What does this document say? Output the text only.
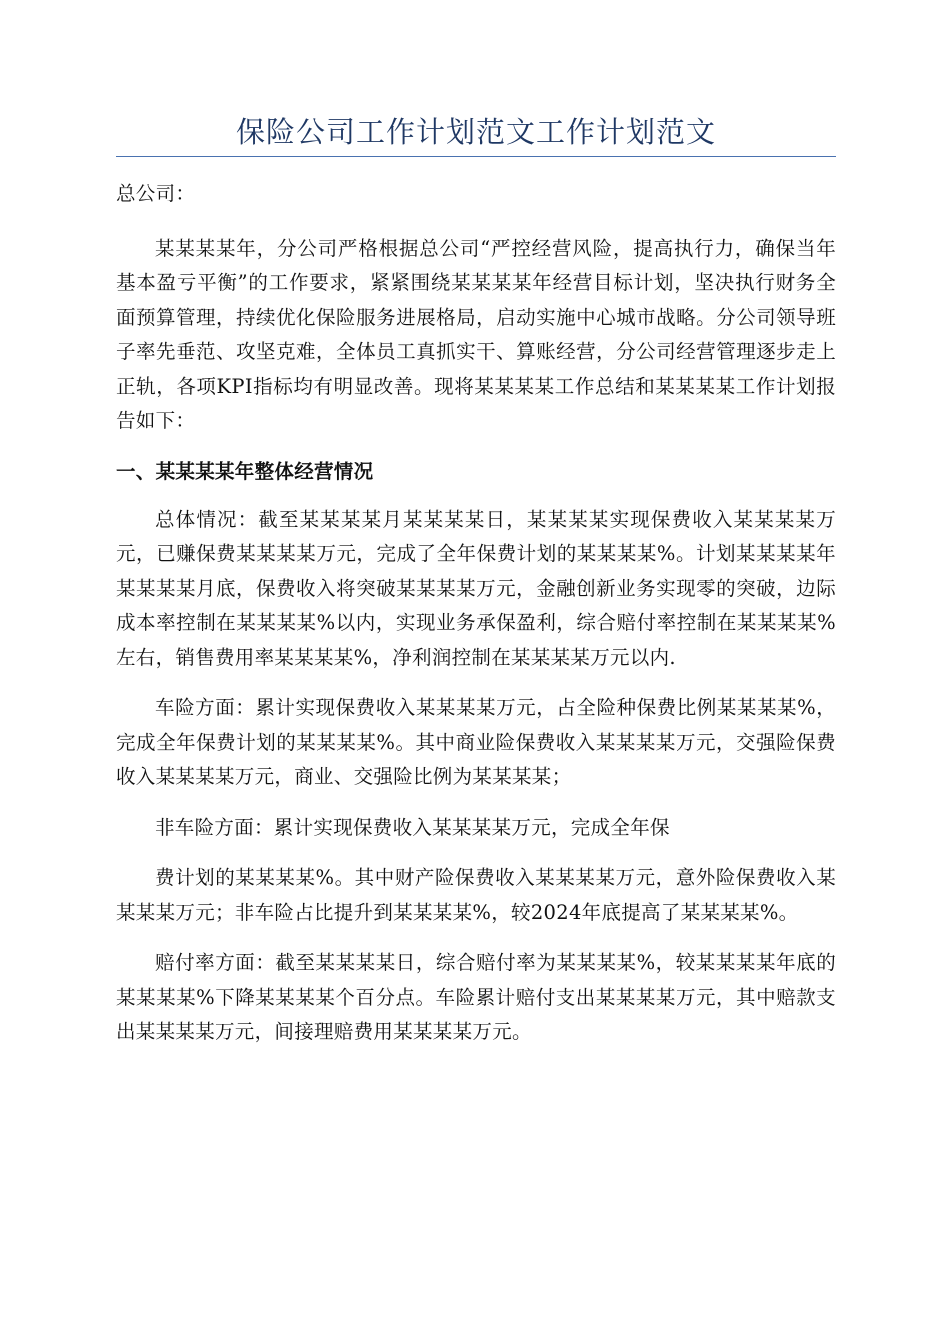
保险公司工作计划范文工作计划范文

总公司：

某某某某年，分公司严格根据总公司“严控经营风险，提高执行力，确保当年基本盈亏平衡”的工作要求，紧紧围绕某某某某年经营目标计划，坚决执行财务全面预算管理，持续优化保险服务进展格局，启动实施中心城市战略。分公司领导班子率先垂范、攻坚克难，全体员工真抓实干、算账经营，分公司经营管理逐步走上正轨，各项KPI指标均有明显改善。现将某某某某工作总结和某某某某工作计划报告如下：

一、某某某某年整体经营情况

总体情况：截至某某某某月某某某某日，某某某某实现保费收入某某某某万元，已赚保费某某某某万元，完成了全年保费计划的某某某某%。计划某某某某年某某某某月底，保费收入将突破某某某某万元，金融创新业务实现零的突破，边际成本率控制在某某某某%以内，实现业务承保盈利，综合赔付率控制在某某某某%左右，销售费用率某某某某%，净利润控制在某某某某万元以内.

车险方面：累计实现保费收入某某某某万元，占全险种保费比例某某某某%，完成全年保费计划的某某某某%。其中商业险保费收入某某某某万元，交强险保费收入某某某某万元，商业、交强险比例为某某某某；

非车险方面：累计实现保费收入某某某某万元，完成全年保

费计划的某某某某%。其中财产险保费收入某某某某万元，意外险保费收入某某某某万元；非车险占比提升到某某某某%，较2024年底提高了某某某某%。

赔付率方面：截至某某某某日，综合赔付率为某某某某%，较某某某某年底的某某某某%下降某某某某个百分点。车险累计赔付支出某某某某万元，其中赔款支出某某某某万元，间接理赔费用某某某某万元。
